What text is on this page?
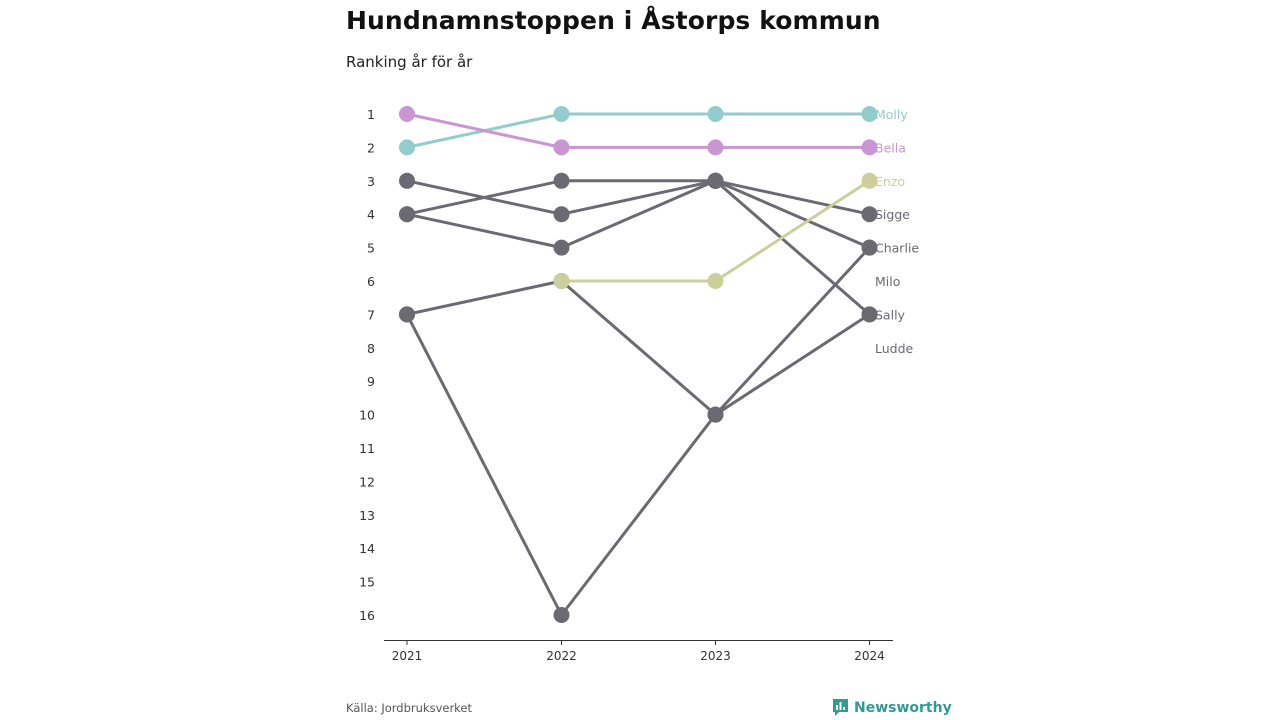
Hundnamnstoppen i Åstorps kommun

Ranking år för år

1
2
3
4
5
6
7
8
9
10
11
12
13
14
15
16
2021	2022	2023	2024
Molly
Bella
Enzo
Sigge
Charlie
Milo
Sally
Ludde
Källa: Jordbruksverket	Newsworthy
